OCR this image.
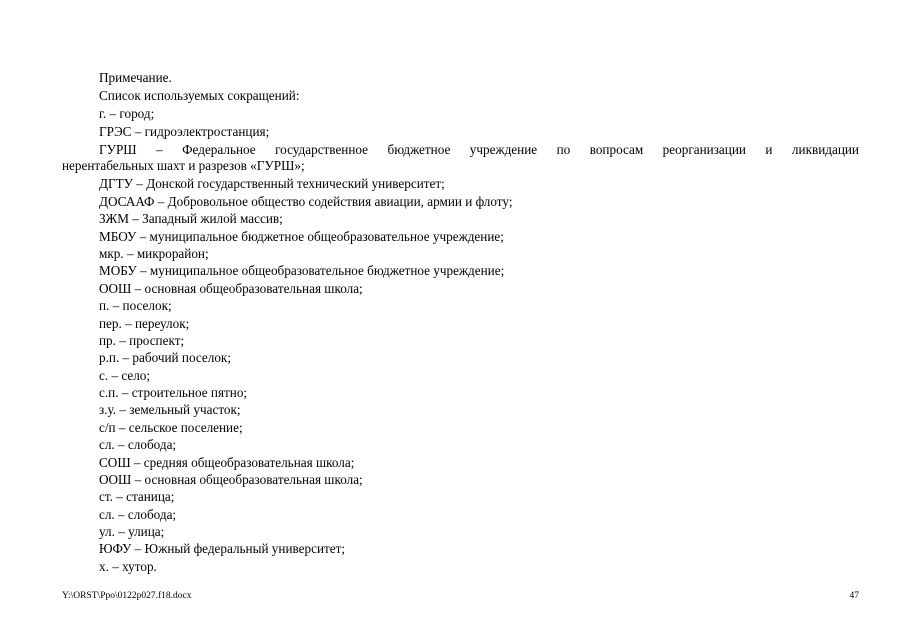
Примечание.
Список используемых сокращений:
г. – город;
ГРЭС – гидроэлектростанция;
ГУРШ – Федеральное государственное бюджетное учреждение по вопросам реорганизации и ликвидации
нерентабельных шахт и разрезов «ГУРШ»;
ДГТУ – Донской государственный технический университет;
ДОСААФ – Добровольное общество содействия авиации, армии и флоту;
ЗЖМ – Западный жилой массив;
МБОУ – муниципальное бюджетное общеобразовательное учреждение;
мкр. – микрорайон;
МОБУ – муниципальное общеобразовательное бюджетное учреждение;
ООШ – основная общеобразовательная школа;
п. – поселок;
пер. – переулок;
пр. – проспект;
р.п. – рабочий поселок;
с. – село;
с.п. – строительное пятно;
з.у. – земельный участок;
с/п – сельское поселение;
сл. – слобода;
СОШ – средняя общеобразовательная школа;
ООШ – основная общеобразовательная школа;
ст. – станица;
сл. – слобода;
ул. – улица;
ЮФУ – Южный федеральный университет;
х. – хутор.
Y:\ORST\Ppo\0122p027.f18.docx	47
